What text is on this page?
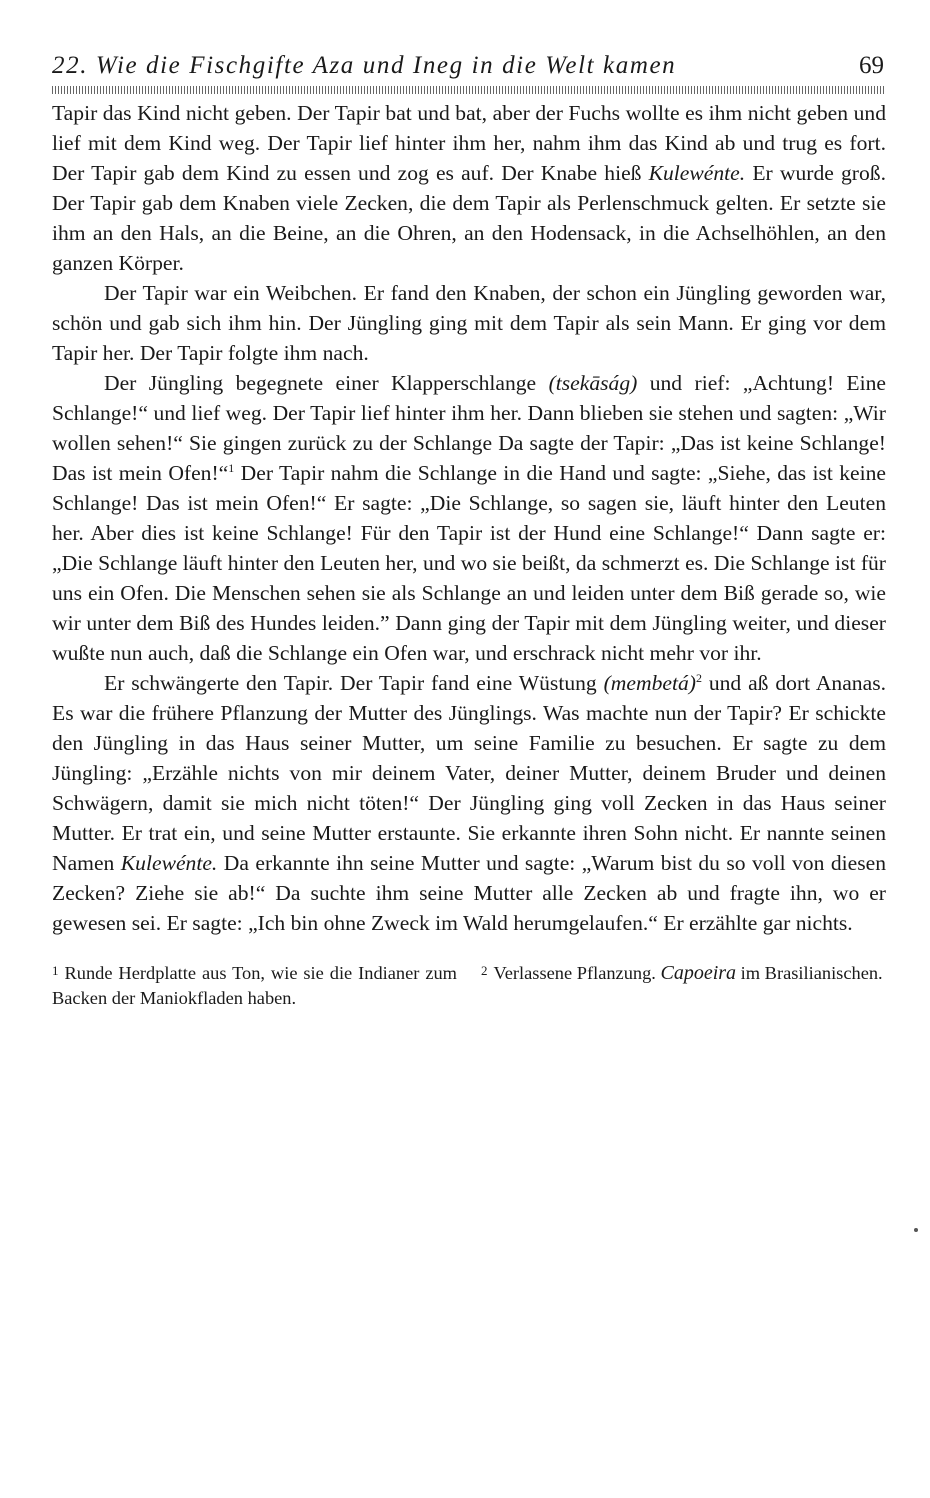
22. Wie die Fischgifte Aza und Ineg in die Welt kamen	69

Tapir das Kind nicht geben. Der Tapir bat und bat, aber der Fuchs wollte es ihm nicht geben und lief mit dem Kind weg. Der Tapir lief hinter ihm her, nahm ihm das Kind ab und trug es fort. Der Tapir gab dem Kind zu essen und zog es auf. Der Knabe hieß Kulewénte. Er wurde groß. Der Tapir gab dem Knaben viele Zecken, die dem Tapir als Perlenschmuck gelten. Er setzte sie ihm an den Hals, an die Beine, an die Ohren, an den Hodensack, in die Achselhöhlen, an den ganzen Körper.

Der Tapir war ein Weibchen. Er fand den Knaben, der schon ein Jüngling geworden war, schön und gab sich ihm hin. Der Jüngling ging mit dem Tapir als sein Mann. Er ging vor dem Tapir her. Der Tapir folgte ihm nach.

Der Jüngling begegnete einer Klapperschlange (tsekāság) und rief: „Achtung! Eine Schlange!“ und lief weg. Der Tapir lief hinter ihm her. Dann blieben sie stehen und sagten: „Wir wollen sehen!“ Sie gingen zurück zu der Schlange Da sagte der Tapir: „Das ist keine Schlange! Das ist mein Ofen!“$^1$ Der Tapir nahm die Schlange in die Hand und sagte: „Siehe, das ist keine Schlange! Das ist mein Ofen!“ Er sagte: „Die Schlange, so sagen sie, läuft hinter den Leuten her. Aber dies ist keine Schlange! Für den Tapir ist der Hund eine Schlange!“ Dann sagte er: „Die Schlange läuft hinter den Leuten her, und wo sie beißt, da schmerzt es. Die Schlange ist für uns ein Ofen. Die Menschen sehen sie als Schlange an und leiden unter dem Biß gerade so, wie wir unter dem Biß des Hundes leiden.” Dann ging der Tapir mit dem Jüngling weiter, und dieser wußte nun auch, daß die Schlange ein Ofen war, und erschrack nicht mehr vor ihr.

Er schwängerte den Tapir. Der Tapir fand eine Wüstung (membetá)$^2$ und aß dort Ananas. Es war die frühere Pflanzung der Mutter des Jünglings. Was machte nun der Tapir? Er schickte den Jüngling in das Haus seiner Mutter, um seine Familie zu besuchen. Er sagte zu dem Jüngling: „Erzähle nichts von mir deinem Vater, deiner Mutter, deinem Bruder und deinen Schwägern, damit sie mich nicht töten!“ Der Jüngling ging voll Zecken in das Haus seiner Mutter. Er trat ein, und seine Mutter erstaunte. Sie erkannte ihren Sohn nicht. Er nannte seinen Namen Kulewénte. Da erkannte ihn seine Mutter und sagte: „Warum bist du so voll von diesen Zecken? Ziehe sie ab!“ Da suchte ihm seine Mutter alle Zecken ab und fragte ihn, wo er gewesen sei. Er sagte: „Ich bin ohne Zweck im Wald herumgelaufen.“ Er erzählte gar nichts.

$^1$ Runde Herdplatte aus Ton, wie sie die Indianer zum Backen der Maniokfladen haben.
$^2$ Verlassene Pflanzung. Capoeira im Brasilianischen.
